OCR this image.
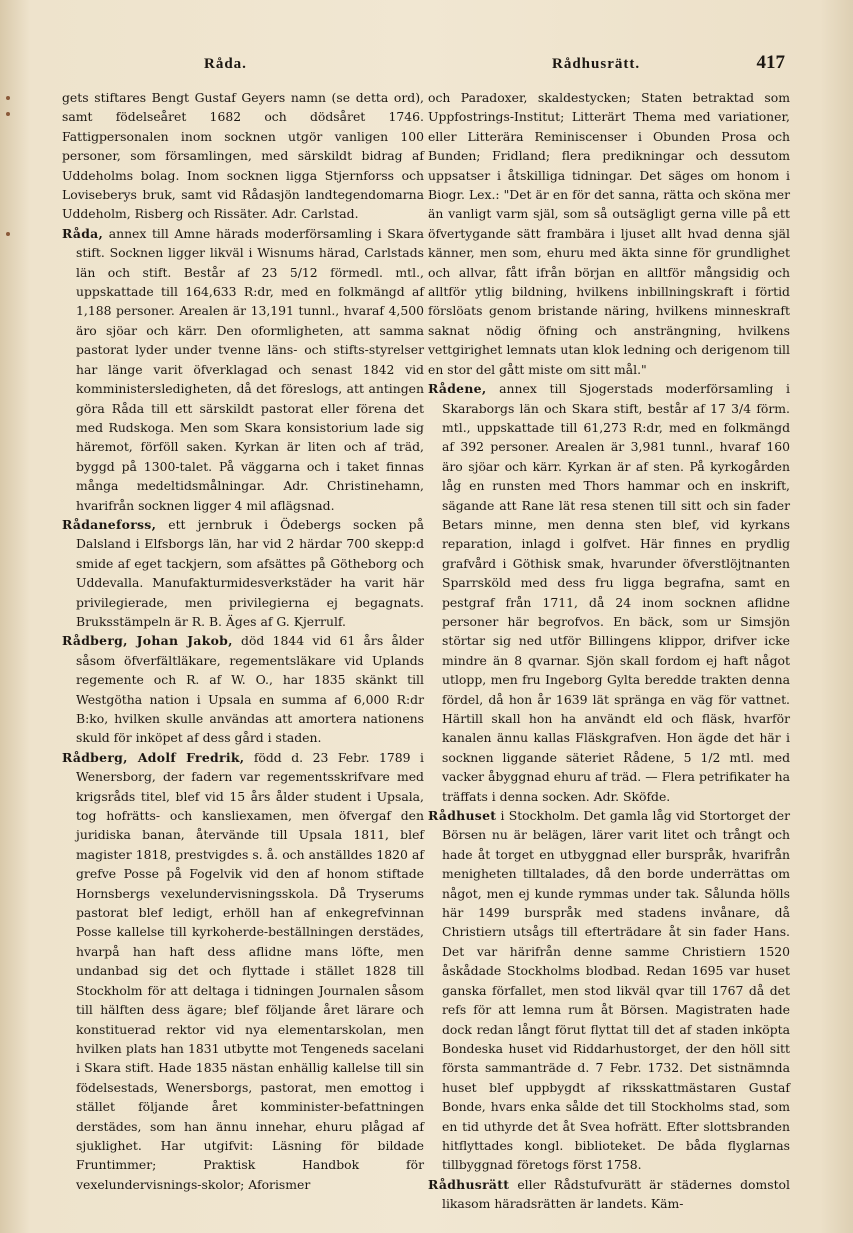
Råda.	Rådhusrätt.	417

gets stiftares Bengt Gustaf Geyers namn (se detta ord), samt födelseåret 1682 och dödsåret 1746. Fattigpersonalen inom socknen utgör vanligen 100 personer, som församlingen, med särskildt bidrag af Uddeholms bolag. Inom socknen ligga Stjernforss och Loviseberys bruk, samt vid Rådasjön landtegendomarna Uddeholm, Risberg och Rissäter. Adr. Carlstad.

Råda, annex till Amne härads moderförsamling i Skara stift. Socknen ligger likväl i Wisnums härad, Carlstads län och stift. Består af 23 5/12 förmedl. mtl., uppskattade till 164,633 R:dr, med en folkmängd af 1,188 personer. Arealen är 13,191 tunnl., hvaraf 4,500 äro sjöar och kärr. Den oformligheten, att samma pastorat lyder under tvenne läns- och stifts-styrelser har länge varit öfverklagad och senast 1842 vid komministersledigheten, då det föreslogs, att antingen göra Råda till ett särskildt pastorat eller förena det med Rudskoga. Men som Skara konsistorium lade sig häremot, förföll saken. Kyrkan är liten och af träd, byggd på 1300-talet. På väggarna och i taket finnas många medeltidsmålningar. Adr. Christinehamn, hvarifrån socknen ligger 4 mil aflägsnad.

Rådaneforss, ett jernbruk i Ödebergs socken på Dalsland i Elfsborgs län, har vid 2 härdar 700 skepp:d smide af eget tackjern, som afsättes på Götheborg och Uddevalla. Manufakturmidesverkstäder ha varit här privilegierade, men privilegierna ej begagnats. Bruksstämpeln är R. B. Äges af G. Kjerrulf.

Rådberg, Johan Jakob, död 1844 vid 61 års ålder såsom öfverfältläkare, regementsläkare vid Uplands regemente och R. af W. O., har 1835 skänkt till Westgötha nation i Upsala en summa af 6,000 R:dr B:ko, hvilken skulle användas att amortera nationens skuld för inköpet af dess gård i staden.

Rådberg, Adolf Fredrik, född d. 23 Febr. 1789 i Wenersborg, der fadern var regementsskrifvare med krigsråds titel, blef vid 15 års ålder student i Upsala, tog hofrätts- och kansliexamen, men öfvergaf den juridiska banan, återvände till Upsala 1811, blef magister 1818, prestvigdes s. å. och anställdes 1820 af grefve Posse på Fogelvik vid den af honom stiftade Hornsbergs vexelundervisningsskola. Då Tryserums pastorat blef ledigt, erhöll han af enkegrefvinnan Posse kallelse till kyrkoherde-beställningen derstädes, hvarpå han haft dess aflidne mans löfte, men undanbad sig det och flyttade i stället 1828 till Stockholm för att deltaga i tidningen Journalen såsom till hälften dess ägare; blef följande året lärare och konstituerad rektor vid nya elementarskolan, men hvilken plats han 1831 utbytte mot Tengeneds sacelani i Skara stift. Hade 1835 nästan enhällig kallelse till sin födelsestads, Wenersborgs, pastorat, men emottog i stället följande året komminister-befattningen derstädes, som han ännu innehar, ehuru plågad af sjuklighet. Har utgifvit: Läsning för bildade Fruntimmer; Praktisk Handbok för vexelundervisnings-skolor; Aforismer

och Paradoxer, skaldestycken; Staten betraktad som Uppfostrings-Institut; Litterärt Thema med variationer, eller Litterära Reminiscenser i Obunden Prosa och Bunden; Fridland; flera predikningar och dessutom uppsatser i åtskilliga tidningar. Det säges om honom i Biogr. Lex.: "Det är en för det sanna, rätta och sköna mer än vanligt varm själ, som så outsägligt gerna ville på ett öfvertygande sätt frambära i ljuset allt hvad denna själ känner, men som, ehuru med äkta sinne för grundlighet och allvar, fått ifrån början en alltför mångsidig och alltför ytlig bildning, hvilkens inbillningskraft i förtid förslöats genom bristande näring, hvilkens minneskraft saknat nödig öfning och ansträngning, hvilkens vettgirighet lemnats utan klok ledning och derigenom till en stor del gått miste om sitt mål."

Rådene, annex till Sjogerstads moderförsamling i Skaraborgs län och Skara stift, består af 17 3/4 förm. mtl., uppskattade till 61,273 R:dr, med en folkmängd af 392 personer. Arealen är 3,981 tunnl., hvaraf 160 äro sjöar och kärr. Kyrkan är af sten. På kyrkogården låg en runsten med Thors hammar och en inskrift, sägande att Rane lät resa stenen till sitt och sin fader Betars minne, men denna sten blef, vid kyrkans reparation, inlagd i golfvet. Här finnes en prydlig grafvård i Göthisk smak, hvarunder öfverstlöjtnanten Sparrsköld med dess fru ligga begrafna, samt en pestgraf från 1711, då 24 inom socknen aflidne personer här begrofvos. En bäck, som ur Simsjön störtar sig ned utför Billingens klippor, drifver icke mindre än 8 qvarnar. Sjön skall fordom ej haft något utlopp, men fru Ingeborg Gylta beredde trakten denna fördel, då hon år 1639 lät spränga en väg för vattnet. Härtill skall hon ha användt eld och fläsk, hvarför kanalen ännu kallas Fläskgrafven. Hon ägde det här i socknen liggande säteriet Rådene, 5 1/2 mtl. med vacker åbyggnad ehuru af träd. — Flera petrifikater ha träffats i denna socken. Adr. Sköfde.

Rådhuset i Stockholm. Det gamla låg vid Stortorget der Börsen nu är belägen, lärer varit litet och trångt och hade åt torget en utbyggnad eller burspråk, hvarifrån menigheten tilltalades, då den borde underrättas om något, men ej kunde rymmas under tak. Sålunda hölls här 1499 burspråk med stadens invånare, då Christiern utsågs till efterträdare åt sin fader Hans. Det var härifrån denne samme Christiern 1520 åskådade Stockholms blodbad. Redan 1695 var huset ganska förfallet, men stod likväl qvar till 1767 då det refs för att lemna rum åt Börsen. Magistraten hade dock redan långt förut flyttat till det af staden inköpta Bondeska huset vid Riddarhustorget, der den höll sitt första sammanträde d. 7 Febr. 1732. Det sistnämnda huset blef uppbygdt af riksskattmästaren Gustaf Bonde, hvars enka sålde det till Stockholms stad, som en tid uthyrde det åt Svea hofrätt. Efter slottsbranden hitflyttades kongl. biblioteket. De båda flyglarnas tillbyggnad företogs först 1758.

Rådhusrätt eller Rådstufvurätt är städernes domstol likasom häradsrätten är landets. Käm-
